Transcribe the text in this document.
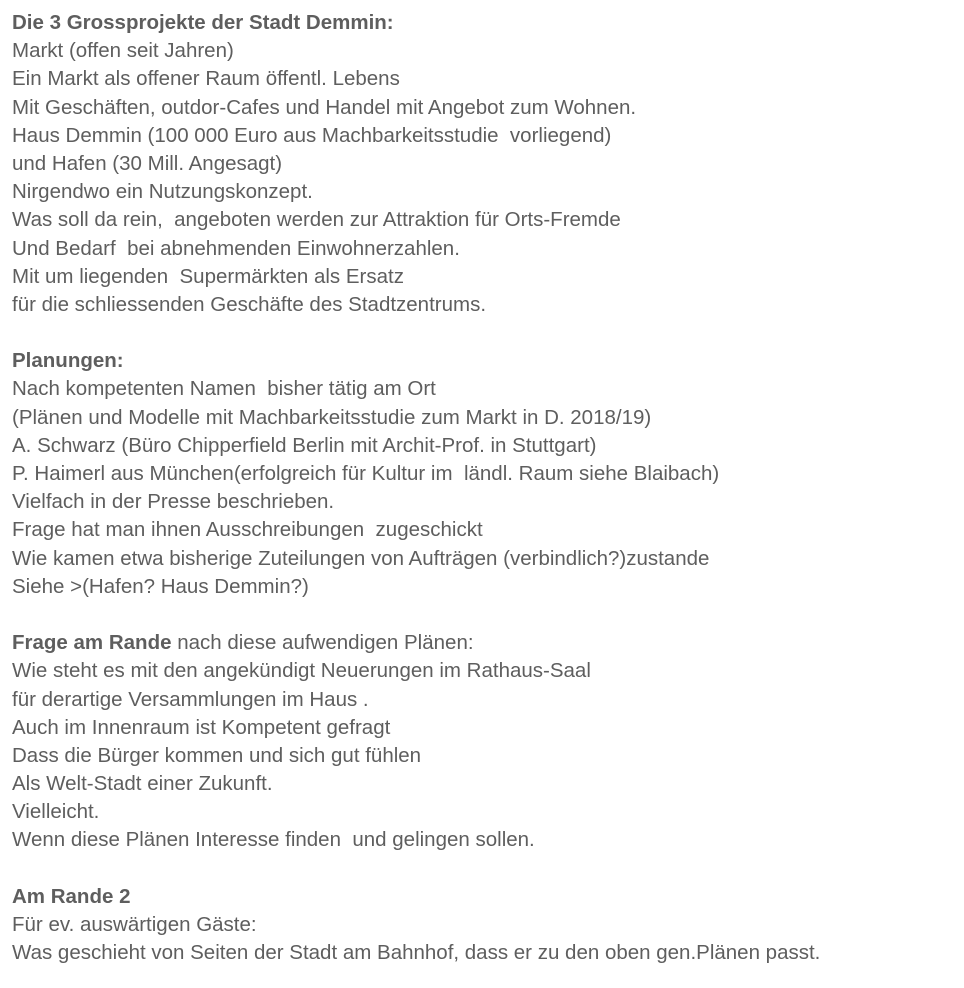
Die 3 Grossprojekte der Stadt Demmin:
Markt (offen seit Jahren)
Ein Markt als offener Raum öffentl. Lebens
Mit Geschäften, outdor-Cafes und Handel mit Angebot zum Wohnen.
Haus Demmin (100 000 Euro aus Machbarkeitsstudie  vorliegend)
und Hafen (30 Mill. Angesagt)
Nirgendwo ein Nutzungskonzept.
Was soll da rein,  angeboten werden zur Attraktion für Orts-Fremde
Und Bedarf  bei abnehmenden Einwohnerzahlen.
Mit um liegenden  Supermärkten als Ersatz
für die schliessenden Geschäfte des Stadtzentrums.
Planungen:
Nach kompetenten Namen  bisher tätig am Ort
(Plänen und Modelle mit Machbarkeitsstudie zum Markt in D. 2018/19)
A. Schwarz (Büro Chipperfield Berlin mit Archit-Prof. in Stuttgart)
P. Haimerl aus München(erfolgreich für Kultur im  ländl. Raum siehe Blaibach)
Vielfach in der Presse beschrieben.
Frage hat man ihnen Ausschreibungen  zugeschickt
Wie kamen etwa bisherige Zuteilungen von Aufträgen (verbindlich?)zustande
Siehe >(Hafen? Haus Demmin?)
Frage am Rande nach diese aufwendigen Plänen:
Wie steht es mit den angekündigt Neuerungen im Rathaus-Saal
für derartige Versammlungen im Haus .
Auch im Innenraum ist Kompetent gefragt
Dass die Bürger kommen und sich gut fühlen
Als Welt-Stadt einer Zukunft.
Vielleicht.
Wenn diese Plänen Interesse finden  und gelingen sollen.
Am Rande 2
Für ev. auswärtigen Gäste:
Was geschieht von Seiten der Stadt am Bahnhof, dass er zu den oben gen.Plänen passt.
